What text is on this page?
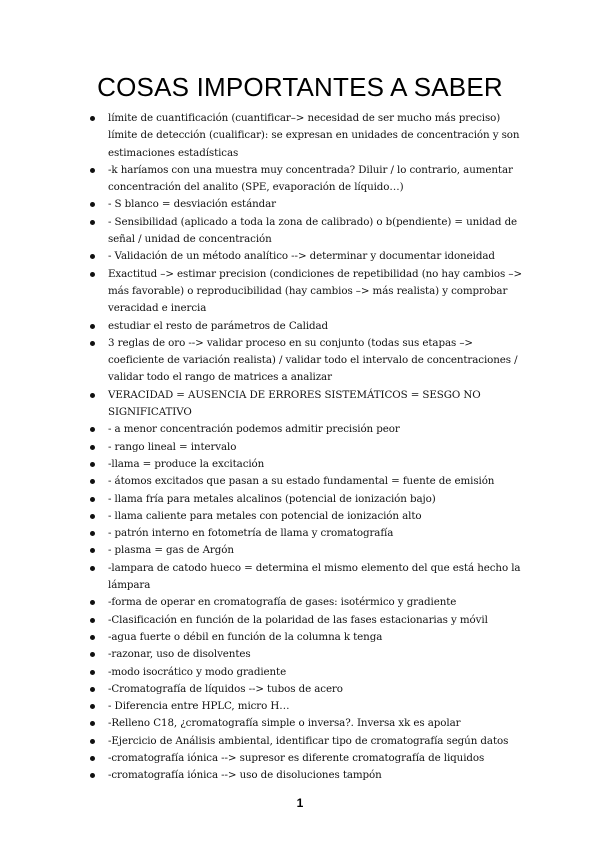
COSAS IMPORTANTES A SABER
límite de cuantificación (cuantificar–> necesidad de ser mucho más preciso) límite de detección (cualificar): se expresan en unidades de concentración y son estimaciones estadísticas
-k haríamos con una muestra muy concentrada? Diluir / lo contrario, aumentar concentración del analito (SPE, evaporación de líquido…)
- S blanco = desviación estándar
- Sensibilidad (aplicado a toda la zona de calibrado) o b(pendiente) = unidad de señal / unidad de concentración
- Validación de un método analítico --> determinar y documentar idoneidad
Exactitud –> estimar precision (condiciones de repetibilidad (no hay cambios –> más favorable) o reproducibilidad (hay cambios –> más realista) y comprobar veracidad e inercia
estudiar el resto de parámetros de Calidad
3 reglas de oro --> validar proceso en su conjunto (todas sus etapas –> coeficiente de variación realista) / validar todo el intervalo de concentraciones / validar todo el rango de matrices a analizar
VERACIDAD = AUSENCIA DE ERRORES SISTEMÁTICOS = SESGO NO SIGNIFICATIVO
- a menor concentración podemos admitir precisión peor
- rango lineal = intervalo
-llama = produce la excitación
- átomos excitados que pasan a su estado fundamental = fuente de emisión
- llama fría para metales alcalinos (potencial de ionización bajo)
- llama caliente para metales con potencial de ionización alto
- patrón interno en fotometría de llama y cromatografía
- plasma = gas de Argón
-lampara de catodo hueco = determina el mismo elemento del que está hecho la lámpara
-forma de operar en cromatografía de gases: isotérmico y gradiente
-Clasificación en función de la polaridad de las fases estacionarias y móvil
-agua fuerte o débil en función de la columna k tenga
-razonar, uso de disolventes
-modo isocrático y modo gradiente
-Cromatografía de líquidos --> tubos de acero
- Diferencia entre HPLC, micro H…
-Relleno C18, ¿cromatografía simple o inversa?. Inversa xk es apolar
-Ejercicio de Análisis ambiental, identificar tipo de cromatografía según datos
-cromatografía iónica --> supresor es diferente cromatografía de liquidos
-cromatografía iónica --> uso de disoluciones tampón
1
